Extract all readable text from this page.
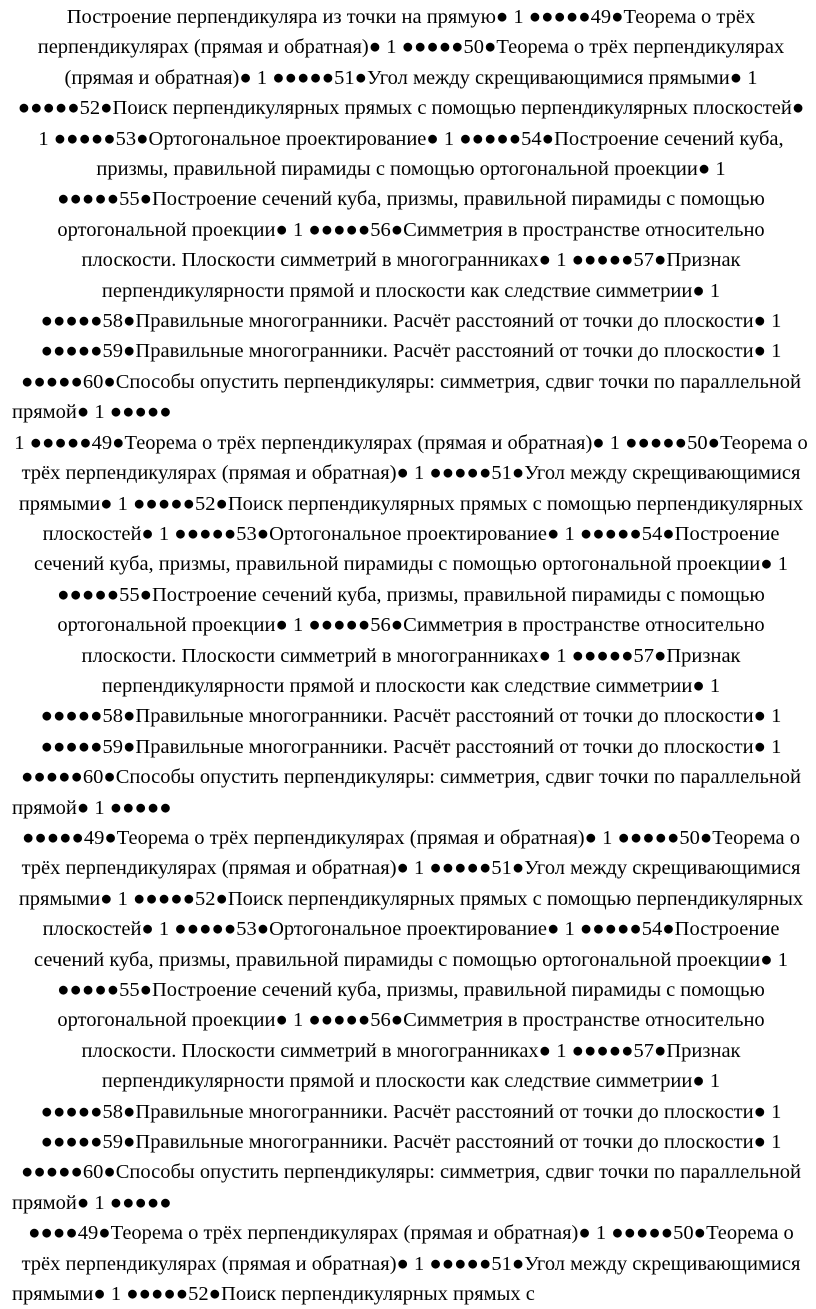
Построение перпендикуляра из точки на прямую● 1 ●●●●●49●Теорема о трёх перпендикулярах (прямая и обратная)● 1 ●●●●●50●Теорема о трёх перпендикулярах (прямая и обратная)● 1 ●●●●●51●Угол между скрещивающимися прямыми● 1 ●●●●●52●Поиск перпендикулярных прямых с помощью перпендикулярных плоскостей● 1 ●●●●●53●Ортогональное проектирование● 1 ●●●●●54●Построение сечений куба, призмы, правильной пирамиды с помощью ортогональной проекции● 1 ●●●●●55●Построение сечений куба, призмы, правильной пирамиды с помощью ортогональной проекции● 1 ●●●●●56●Симметрия в пространстве относительно плоскости. Плоскости симметрий в многогранниках● 1 ●●●●●57●Признак перпендикулярности прямой и плоскости как следствие симметрии● 1 ●●●●●58●Правильные многогранники. Расчёт расстояний от точки до плоскости● 1 ●●●●●59●Правильные многогранники. Расчёт расстояний от точки до плоскости● 1 ●●●●●60●Способы опустить перпендикуляры: симметрия, сдвиг точки по параллельной прямой● 1 ●●●●●

1 ●●●●●49●Теорема о трёх перпендикулярах (прямая и обратная)● 1 ●●●●●50●Теорема о трёх перпендикулярах (прямая и обратная)● 1 ●●●●●51●Угол между скрещивающимися прямыми● 1 ●●●●●52●Поиск перпендикулярных прямых с помощью перпендикулярных плоскостей● 1 ●●●●●53●Ортогональное проектирование● 1 ●●●●●54●Построение сечений куба, призмы, правильной пирамиды с помощью ортогональной проекции● 1 ●●●●●55●Построение сечений куба, призмы, правильной пирамиды с помощью ортогональной проекции● 1 ●●●●●56●Симметрия в пространстве относительно плоскости. Плоскости симметрий в многогранниках● 1 ●●●●●57●Признак перпендикулярности прямой и плоскости как следствие симметрии● 1 ●●●●●58●Правильные многогранники. Расчёт расстояний от точки до плоскости● 1 ●●●●●59●Правильные многогранники. Расчёт расстояний от точки до плоскости● 1 ●●●●●60●Способы опустить перпендикуляры: симметрия, сдвиг точки по параллельной прямой● 1 ●●●●●

●●●●●49●Теорема о трёх перпендикулярах (прямая и обратная)● 1 ●●●●●50●Теорема о трёх перпендикулярах (прямая и обратная)● 1 ●●●●●51●Угол между скрещивающимися прямыми● 1 ●●●●●52●Поиск перпендикулярных прямых с помощью перпендикулярных плоскостей● 1 ●●●●●53●Ортогональное проектирование● 1 ●●●●●54●Построение сечений куба, призмы, правильной пирамиды с помощью ортогональной проекции● 1 ●●●●●55●Построение сечений куба, призмы, правильной пирамиды с помощью ортогональной проекции● 1 ●●●●●56●Симметрия в пространстве относительно плоскости. Плоскости симметрий в многогранниках● 1 ●●●●●57●Признак перпендикулярности прямой и плоскости как следствие симметрии● 1 ●●●●●58●Правильные многогранники. Расчёт расстояний от точки до плоскости● 1 ●●●●●59●Правильные многогранники. Расчёт расстояний от точки до плоскости● 1 ●●●●●60●Способы опустить перпендикуляры: симметрия, сдвиг точки по параллельной прямой● 1 ●●●●●

●●●●49●Теорема о трёх перпендикулярах (прямая и обратная)● 1 ●●●●●50●Теорема о трёх перпендикулярах (прямая и обратная)● 1 ●●●●●51●Угол между скрещивающимися прямыми● 1 ●●●●●52●Поиск перпендикулярных прямых с
